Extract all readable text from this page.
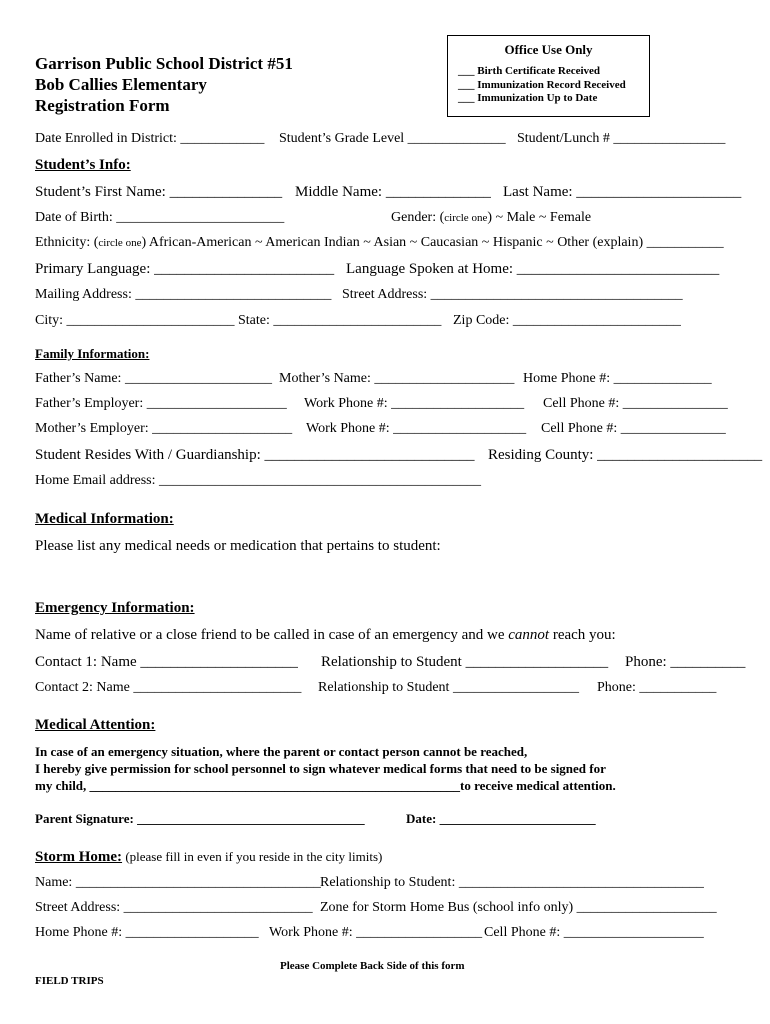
Garrison Public School District #51
Bob Callies Elementary
Registration Form
Office Use Only
___ Birth Certificate Received
___ Immunization Record Received
___ Immunization Up to Date
Date Enrolled in District: ____________ Student’s Grade Level ______________ Student/Lunch # ________________
Student’s Info:
Student’s First Name: _______________ Middle Name: ______________ Last Name: ______________________
Date of Birth: ________________________	Gender: (circle one) ~ Male ~ Female
Ethnicity: (circle one) African-American ~ American Indian ~ Asian ~ Caucasian ~ Hispanic ~ Other (explain) ___________
Primary Language: ________________________ Language Spoken at Home: ___________________________
Mailing Address: ____________________________ Street Address: ____________________________________
City: ________________________ State: ________________________ Zip Code: ________________________
Family Information:
Father’s Name: _____________________ Mother’s Name: ____________________ Home Phone #: ______________
Father’s Employer: ____________________ Work Phone #: ___________________ Cell Phone #: _______________
Mother’s Employer: ____________________ Work Phone #: ___________________ Cell Phone #: _______________
Student Resides With / Guardianship: ____________________________ Residing County: ______________________
Home Email address: ______________________________________________
Medical Information:
Please list any medical needs or medication that pertains to student:
Emergency Information:
Name of relative or a close friend to be called in case of an emergency and we cannot reach you:
Contact 1: Name _____________________ Relationship to Student ___________________ Phone: __________
Contact 2: Name ________________________ Relationship to Student __________________ Phone: ___________
Medical Attention:
In case of an emergency situation, where the parent or contact person cannot be reached,
I hereby give permission for school personnel to sign whatever medical forms that need to be signed for
my child, _________________________________________________________to receive medical attention.
Parent Signature: ___________________________________	Date: ________________________
Storm Home: (please fill in even if you reside in the city limits)
Name: ___________________________________ Relationship to Student: ___________________________________
Street Address: ___________________________ Zone for Storm Home Bus (school info only) ____________________
Home Phone #: ___________________ Work Phone #: __________________ Cell Phone #: ____________________
Please Complete Back Side of this form
FIELD TRIPS
